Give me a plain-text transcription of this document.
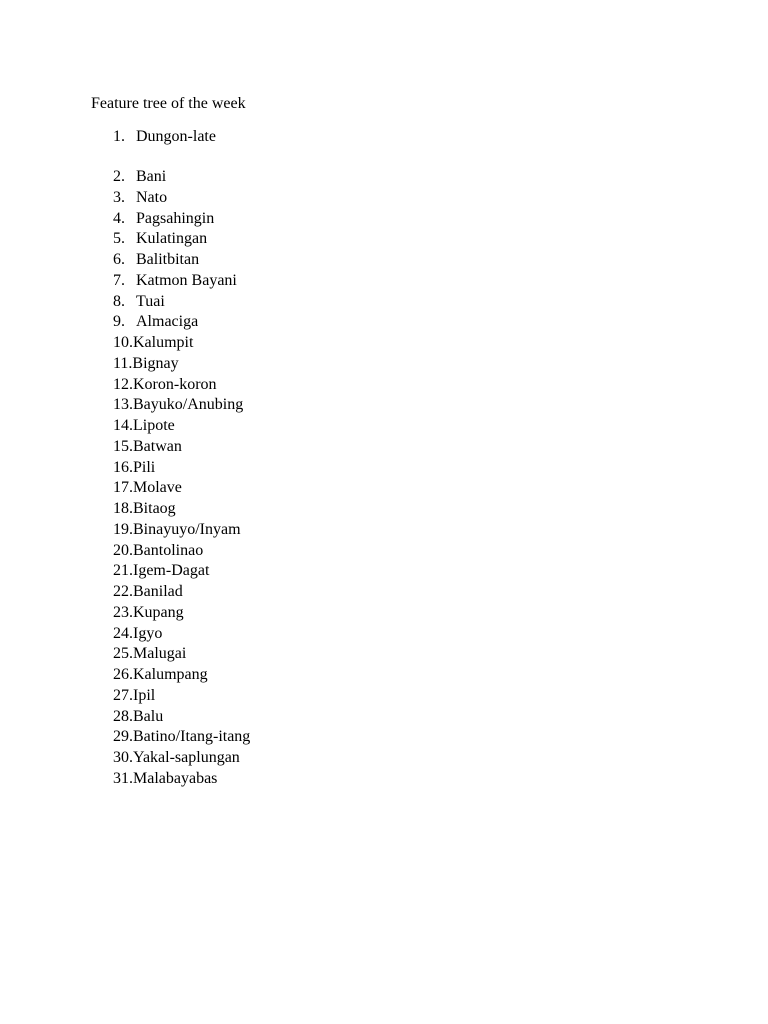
Feature tree of the week
1. Dungon-late
2. Bani
3. Nato
4. Pagsahingin
5. Kulatingan
6. Balitbitan
7. Katmon Bayani
8. Tuai
9. Almaciga
10.Kalumpit
11.Bignay
12.Koron-koron
13.Bayuko/Anubing
14.Lipote
15.Batwan
16.Pili
17.Molave
18.Bitaog
19.Binayuyo/Inyam
20.Bantolinao
21.Igem-Dagat
22.Banilad
23.Kupang
24.Igyo
25.Malugai
26.Kalumpang
27.Ipil
28.Balu
29.Batino/Itang-itang
30.Yakal-saplungan
31.Malabayabas
